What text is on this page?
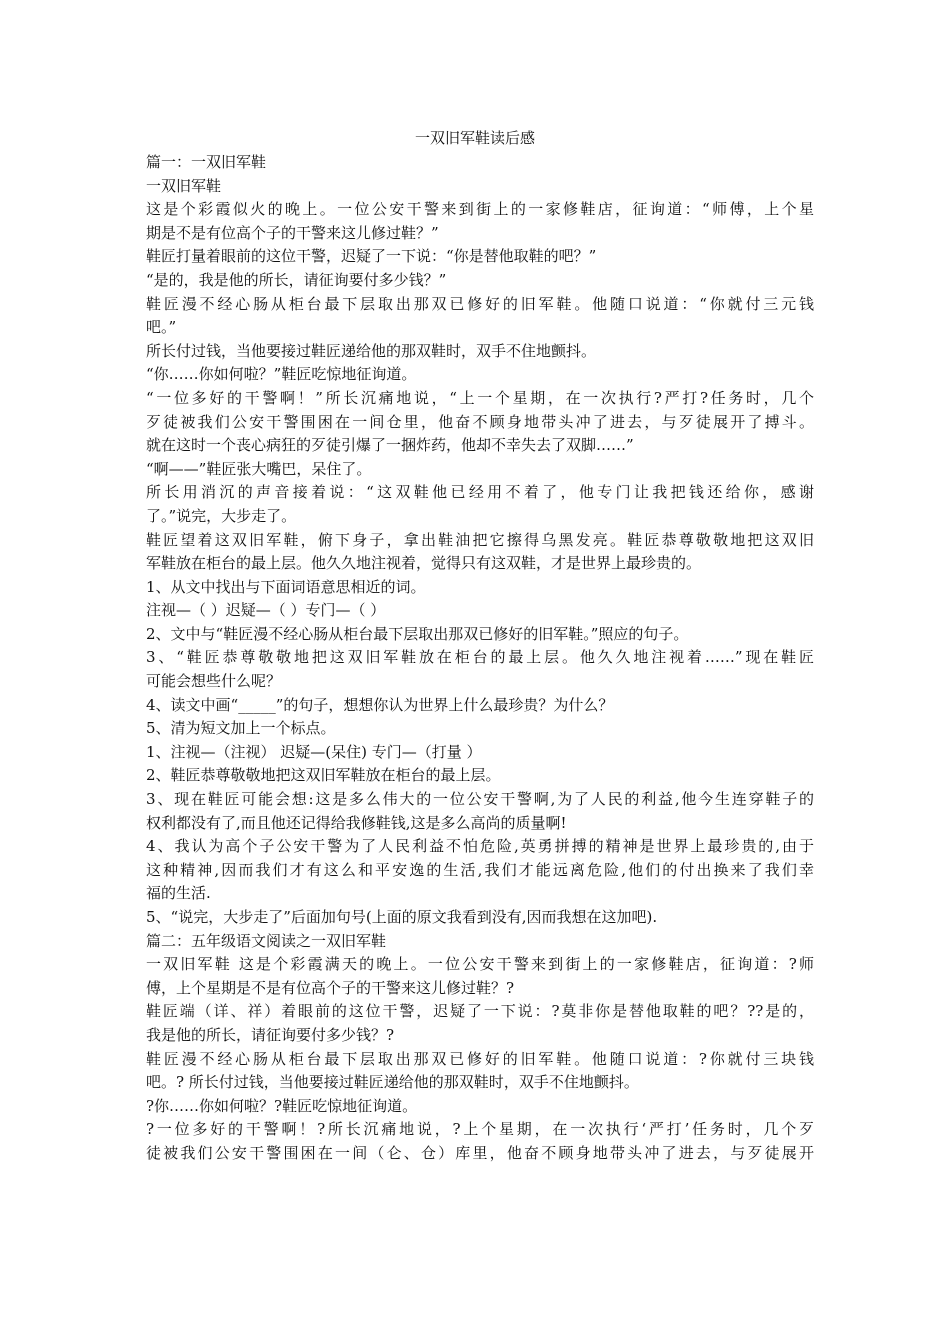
一双旧军鞋读后感
篇一：一双旧军鞋
一双旧军鞋
这是个彩霞似火的晚上。一位公安干警来到街上的一家修鞋店，征询道：“师傅，上个星
期是不是有位高个子的干警来这儿修过鞋？”
鞋匠打量着眼前的这位干警，迟疑了一下说：“你是替他取鞋的吧？”
“是的，我是他的所长，请征询要付多少钱？”
鞋匠漫不经心肠从柜台最下层取出那双已修好的旧军鞋。他随口说道：“你就付三元钱
吧。”
所长付过钱，当他要接过鞋匠递给他的那双鞋时，双手不住地颤抖。
“你……你如何啦？”鞋匠吃惊地征询道。
“一位多好的干警啊！”所长沉痛地说，“上一个星期，在一次执行?严打?任务时，几个
歹徒被我们公安干警围困在一间仓里，他奋不顾身地带头冲了进去，与歹徒展开了搏斗。
就在这时一个丧心病狂的歹徒引爆了一捆炸药，他却不幸失去了双脚……”
“啊——”鞋匠张大嘴巴，呆住了。
所长用消沉的声音接着说：“这双鞋他已经用不着了，他专门让我把钱还给你，感谢
了。”说完，大步走了。
鞋匠望着这双旧军鞋，俯下身子，拿出鞋油把它擦得乌黑发亮。鞋匠恭尊敬敬地把这双旧
军鞋放在柜台的最上层。他久久地注视着，觉得只有这双鞋，才是世界上最珍贵的。
1、从文中找出与下面词语意思相近的词。
注视—（ ）迟疑—（ ）专门—（ ）
2、文中与“鞋匠漫不经心肠从柜台最下层取出那双已修好的旧军鞋。”照应的句子。
3、“鞋匠恭尊敬敬地把这双旧军鞋放在柜台的最上层。他久久地注视着……”现在鞋匠
可能会想些什么呢？
4、读文中画“_____”的句子，想想你认为世界上什么最珍贵？为什么？
5、清为短文加上一个标点。
1、注视—（注视） 迟疑—(呆住) 专门—（打量 ）
2、鞋匠恭尊敬敬地把这双旧军鞋放在柜台的最上层。
3、现在鞋匠可能会想:这是多么伟大的一位公安干警啊,为了人民的利益,他今生连穿鞋子的
权利都没有了,而且他还记得给我修鞋钱,这是多么高尚的质量啊!
4、我认为高个子公安干警为了人民利益不怕危险,英勇拼搏的精神是世界上最珍贵的,由于
这种精神,因而我们才有这么和平安逸的生活,我们才能远离危险,他们的付出换来了我们幸
福的生活.
5、“说完，大步走了”后面加句号(上面的原文我看到没有,因而我想在这加吧).
篇二：五年级语文阅读之一双旧军鞋
一双旧军鞋 这是个彩霞满天的晚上。一位公安干警来到街上的一家修鞋店，征询道：?师
傅，上个星期是不是有位高个子的干警来这儿修过鞋？?
鞋匠端（详、祥）着眼前的这位干警，迟疑了一下说：?莫非你是替他取鞋的吧？??是的，
我是他的所长，请征询要付多少钱？?
鞋匠漫不经心肠从柜台最下层取出那双已修好的旧军鞋。他随口说道：?你就付三块钱
吧。? 所长付过钱，当他要接过鞋匠递给他的那双鞋时，双手不住地颤抖。
?你……你如何啦？?鞋匠吃惊地征询道。
?一位多好的干警啊！?所长沉痛地说，?上个星期，在一次执行‘严打’任务时，几个歹
徒被我们公安干警围困在一间（仑、仓）库里，他奋不顾身地带头冲了进去，与歹徒展开
